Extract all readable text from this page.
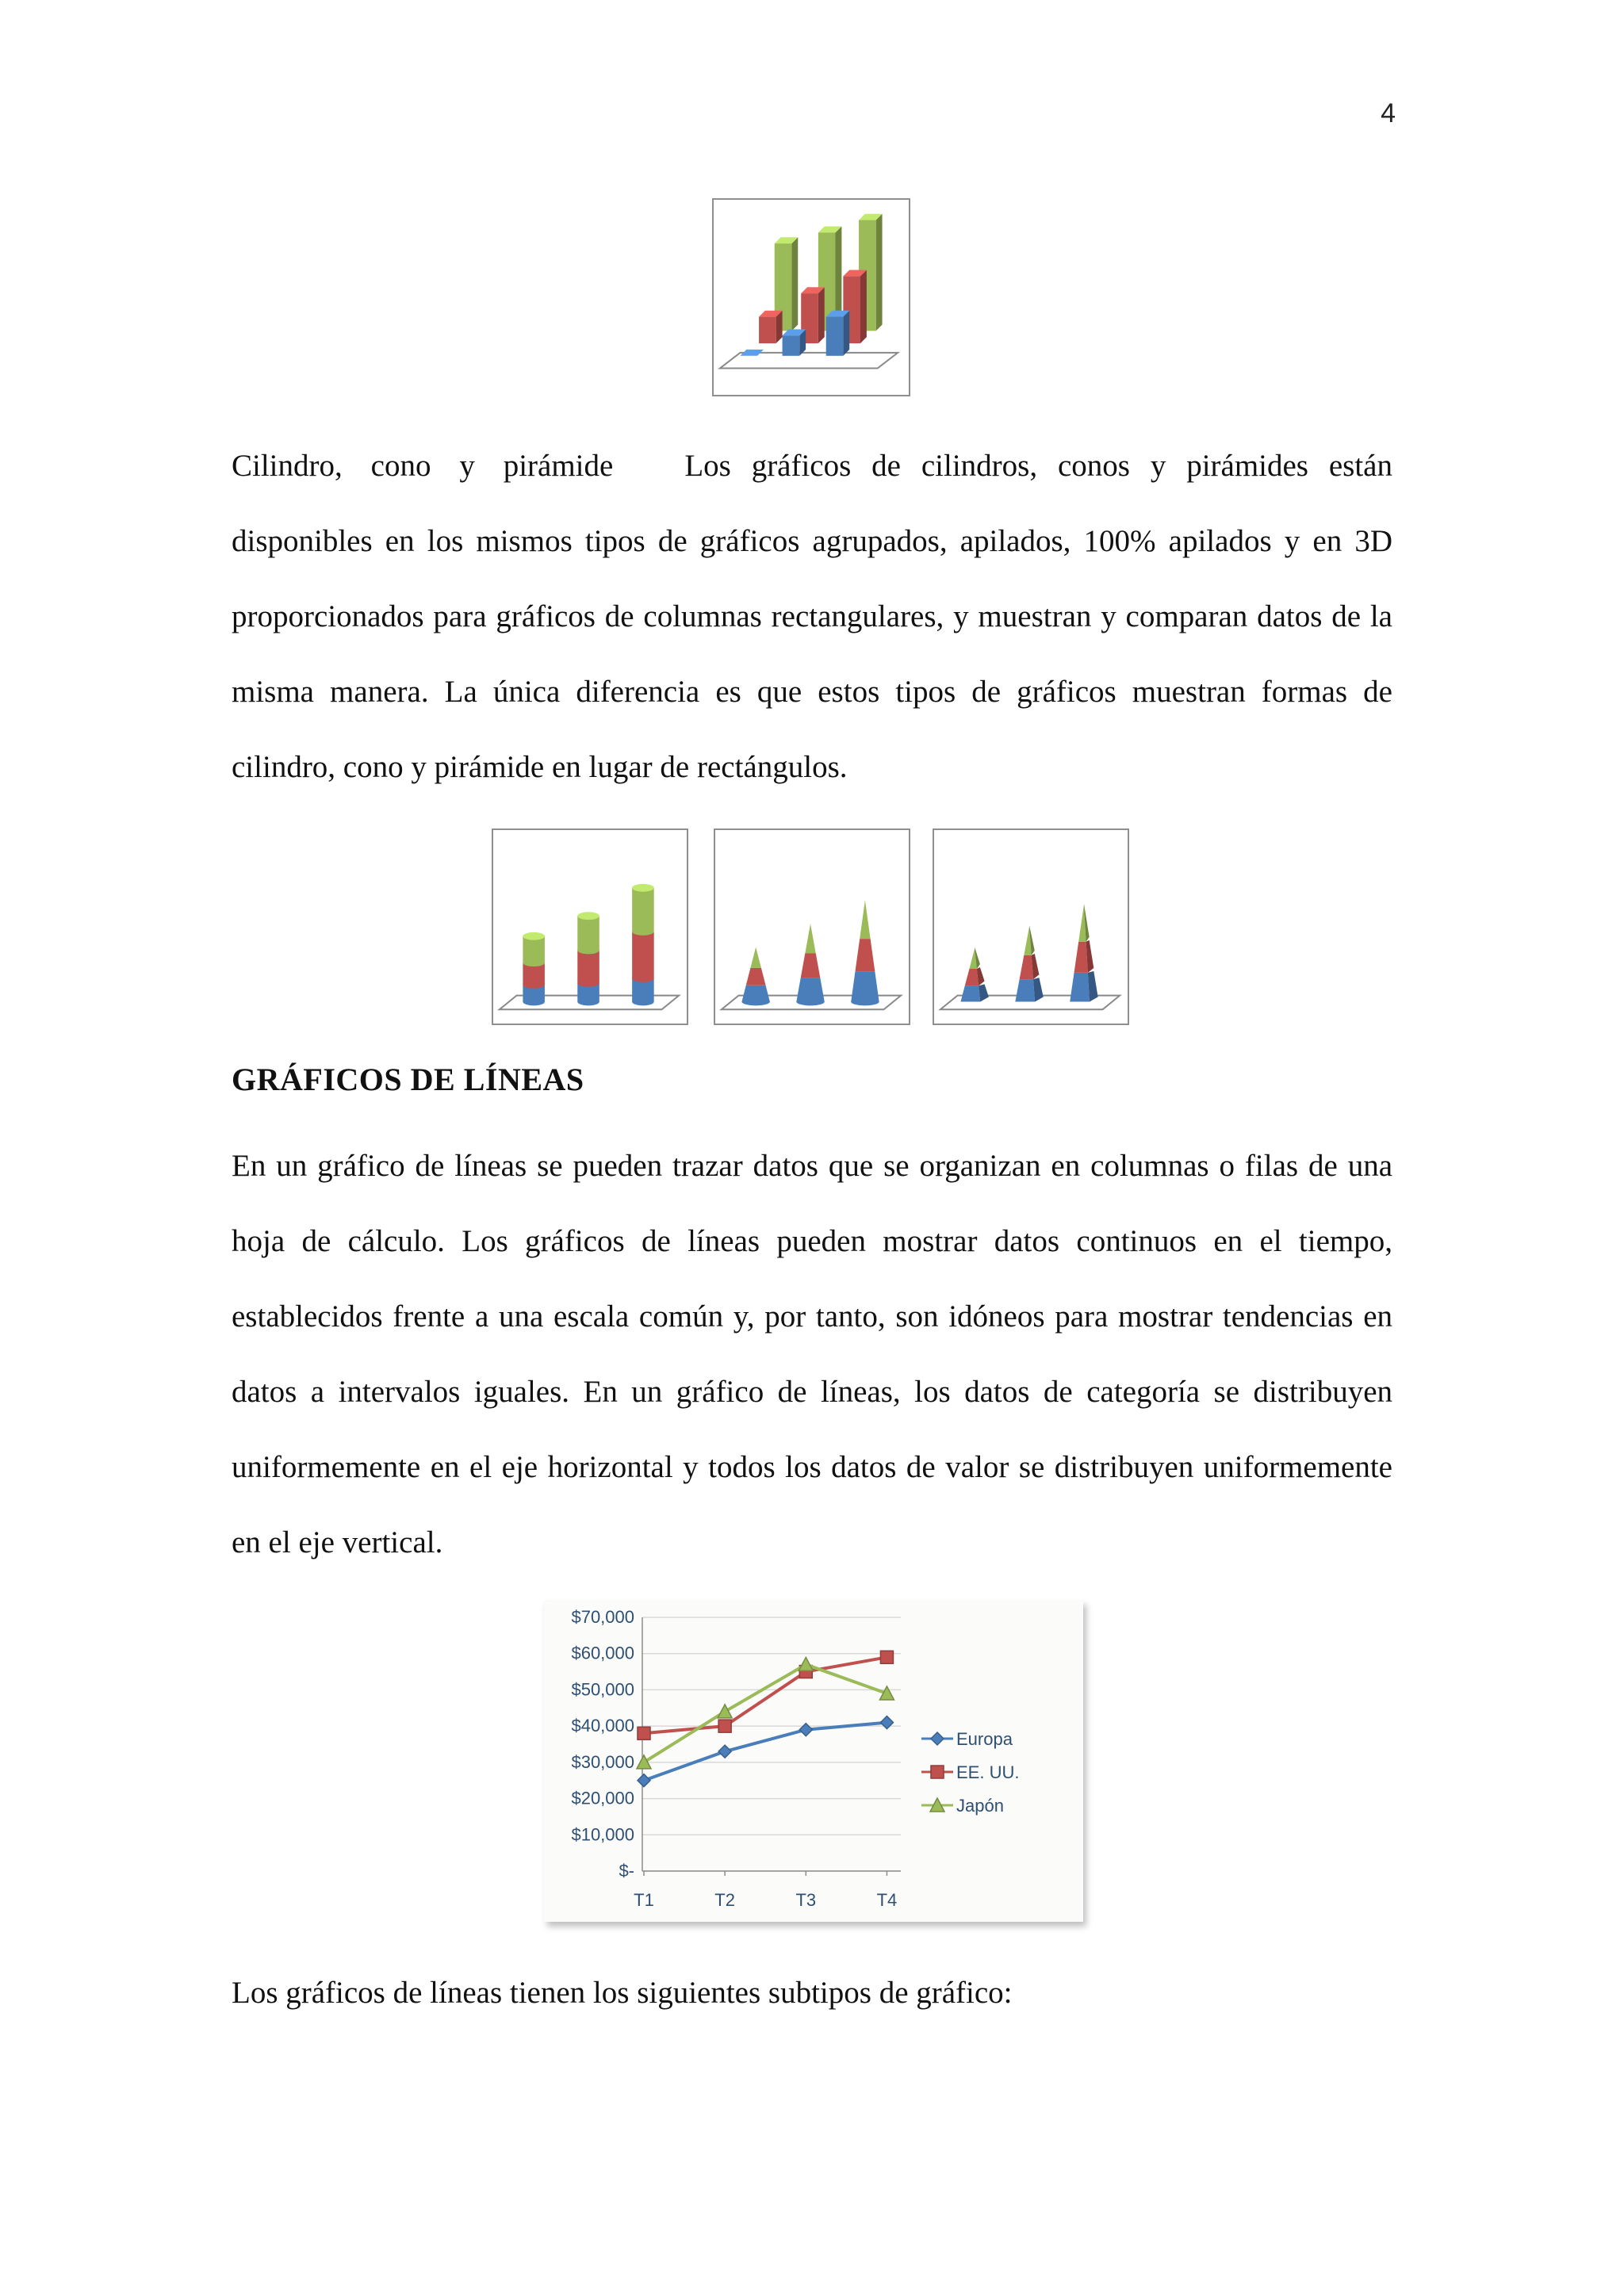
4
Cilindro, cono y pirámide Los gráficos de cilindros, conos y pirámides están disponibles en los mismos tipos de gráficos agrupados, apilados, 100% apilados y en 3D proporcionados para gráficos de columnas rectangulares, y muestran y comparan datos de la misma manera. La única diferencia es que estos tipos de gráficos muestran formas de cilindro, cono y pirámide en lugar de rectángulos.
GRÁFICOS DE LÍNEAS
En un gráfico de líneas se pueden trazar datos que se organizan en columnas o filas de una hoja de cálculo. Los gráficos de líneas pueden mostrar datos continuos en el tiempo, establecidos frente a una escala común y, por tanto, son idóneos para mostrar tendencias en datos a intervalos iguales. En un gráfico de líneas, los datos de categoría se distribuyen uniformemente en el eje horizontal y todos los datos de valor se distribuyen uniformemente en el eje vertical.
$70,000
$60,000
$50,000
$40,000
$30,000
$20,000
$10,000
$-
T1	T2	T3	T4
Europa
EE. UU.
Japón
Los gráficos de líneas tienen los siguientes subtipos de gráfico:
